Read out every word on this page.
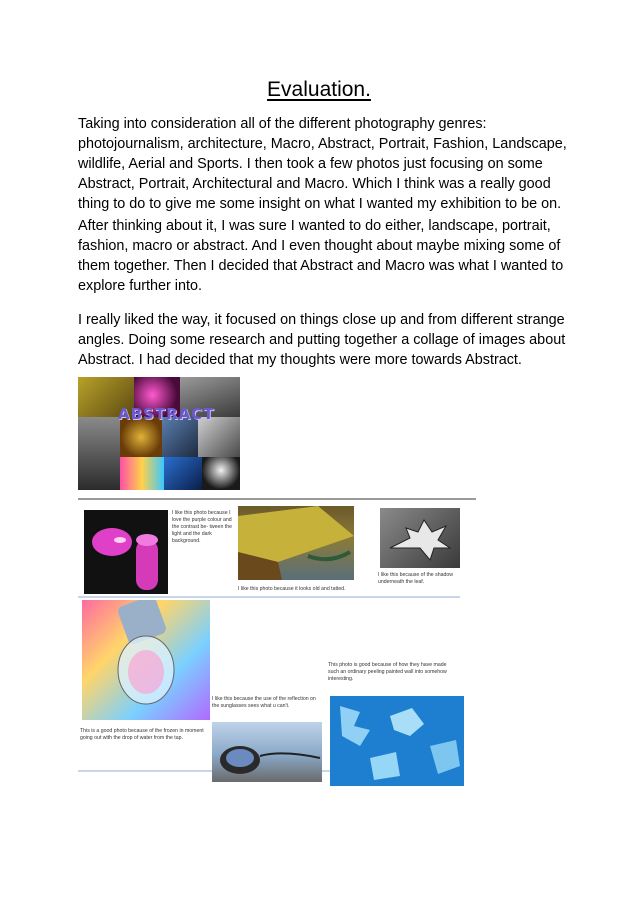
Evaluation.
Taking into consideration all of the different photography genres: photojournalism, architecture, Macro, Abstract, Portrait, Fashion, Landscape, wildlife, Aerial and Sports. I then took a few photos just focusing on some Abstract, Portrait, Architectural and Macro. Which I think was a really good thing to do to give me some insight on what I wanted my exhibition to be on.
After thinking about it, I was sure I wanted to do either, landscape, portrait, fashion, macro or abstract. And I even thought about maybe mixing some of them together. Then I decided that Abstract and Macro was what I wanted to explore further into.
I really liked the way, it focused on things close up and from different strange angles. Doing some research and putting together a collage of images about Abstract. I had decided that my thoughts were more towards Abstract.
ABSTRACT
I like this photo because I love the purple colour and the contrast be- tween the light and the dark background.
I like this photo because it looks old and tatted.
I like this because of the shadow underneath the leaf.
This is a good photo because of the frozen in moment going out with the drop of water from the tap.
I like this because the use of the reflection on the sunglasses sees what u can't.
This photo is good because of how they have made such an ordinary peeling painted wall into somehow interesting.
